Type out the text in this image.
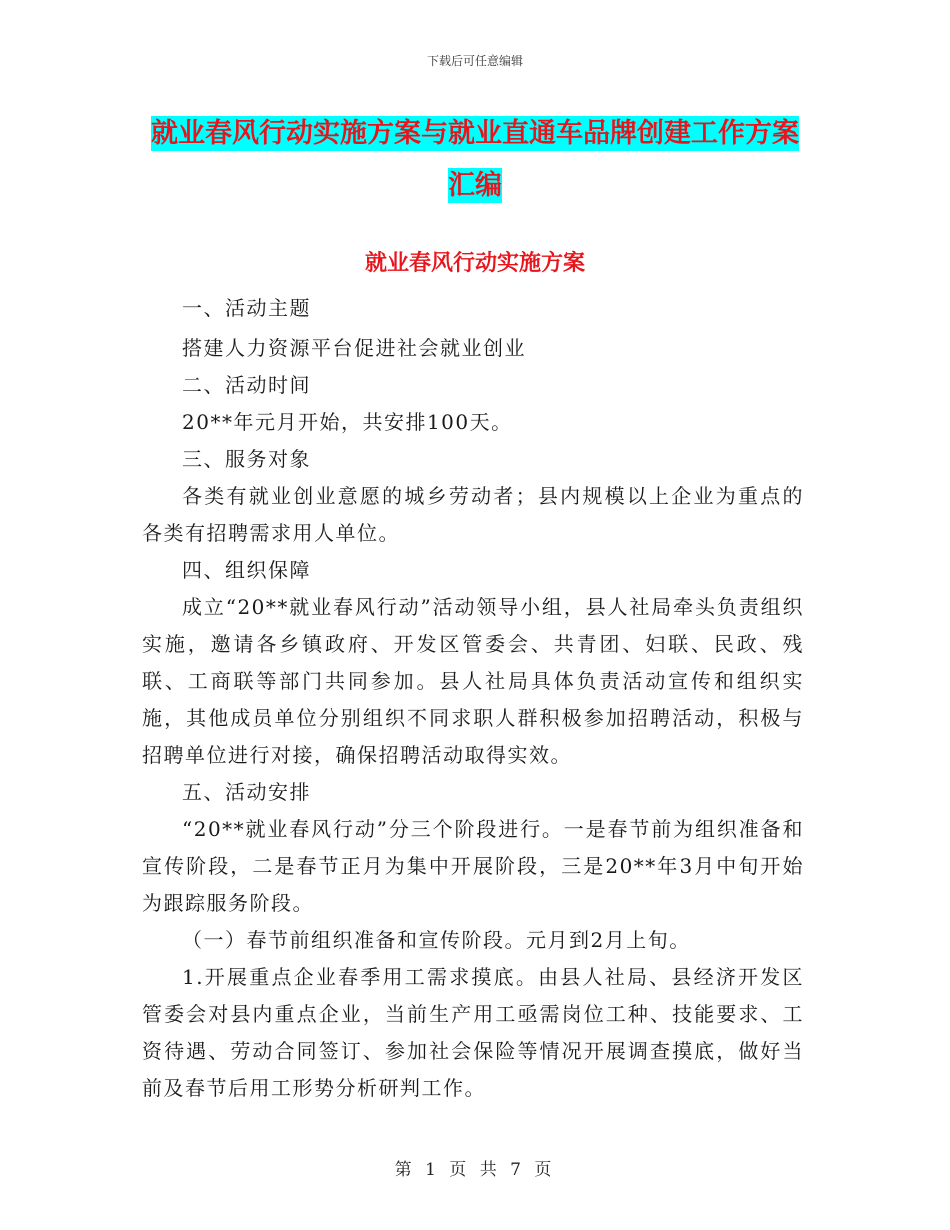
下载后可任意编辑
就业春风行动实施方案与就业直通车品牌创建工作方案汇编
就业春风行动实施方案

一、活动主题

搭建人力资源平台促进社会就业创业

二、活动时间

20**年元月开始，共安排100天。

三、服务对象

各类有就业创业意愿的城乡劳动者；县内规模以上企业为重点的各类有招聘需求用人单位。

四、组织保障

成立“20**就业春风行动”活动领导小组，县人社局牵头负责组织实施，邀请各乡镇政府、开发区管委会、共青团、妇联、民政、残联、工商联等部门共同参加。县人社局具体负责活动宣传和组织实施，其他成员单位分别组织不同求职人群积极参加招聘活动，积极与招聘单位进行对接，确保招聘活动取得实效。

五、活动安排

“20**就业春风行动”分三个阶段进行。一是春节前为组织准备和宣传阶段，二是春节正月为集中开展阶段，三是20**年3月中旬开始为跟踪服务阶段。

（一）春节前组织准备和宣传阶段。元月到2月上旬。

1.开展重点企业春季用工需求摸底。由县人社局、县经济开发区管委会对县内重点企业，当前生产用工亟需岗位工种、技能要求、工资待遇、劳动合同签订、参加社会保险等情况开展调查摸底，做好当前及春节后用工形势分析研判工作。

第 1 页 共 7 页
